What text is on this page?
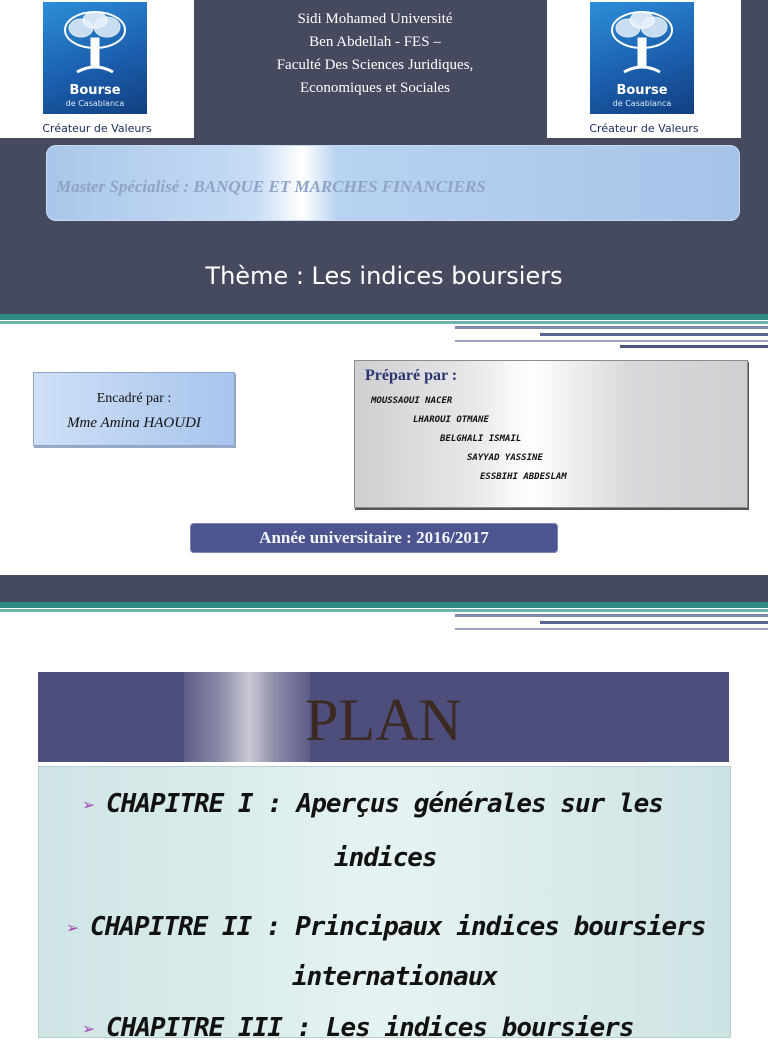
Bourse
de Casablanca
Créateur de Valeurs
Sidi Mohamed Université
Ben Abdellah - FES –
Faculté Des Sciences Juridiques,
Economiques et Sociales	Bourse
de Casablanca
Créateur de Valeurs
Master Spécialisé : BANQUE ET MARCHES FINANCIERS
Thème : Les indices boursiers
Encadré par :
Mme Amina HAOUDI
Préparé par :
MOUSSAOUI NACER
LHAROUI OTMANE
BELGHALI ISMAIL
SAYYAD YASSINE
ESSBIHI ABDESLAM
Année universitaire : 2016/2017
PLAN
➢ CHAPITRE I : Aperçus générales sur les
indices
➢ CHAPITRE II : Principaux indices boursiers
internationaux
➢ CHAPITRE III : Les indices boursiers
